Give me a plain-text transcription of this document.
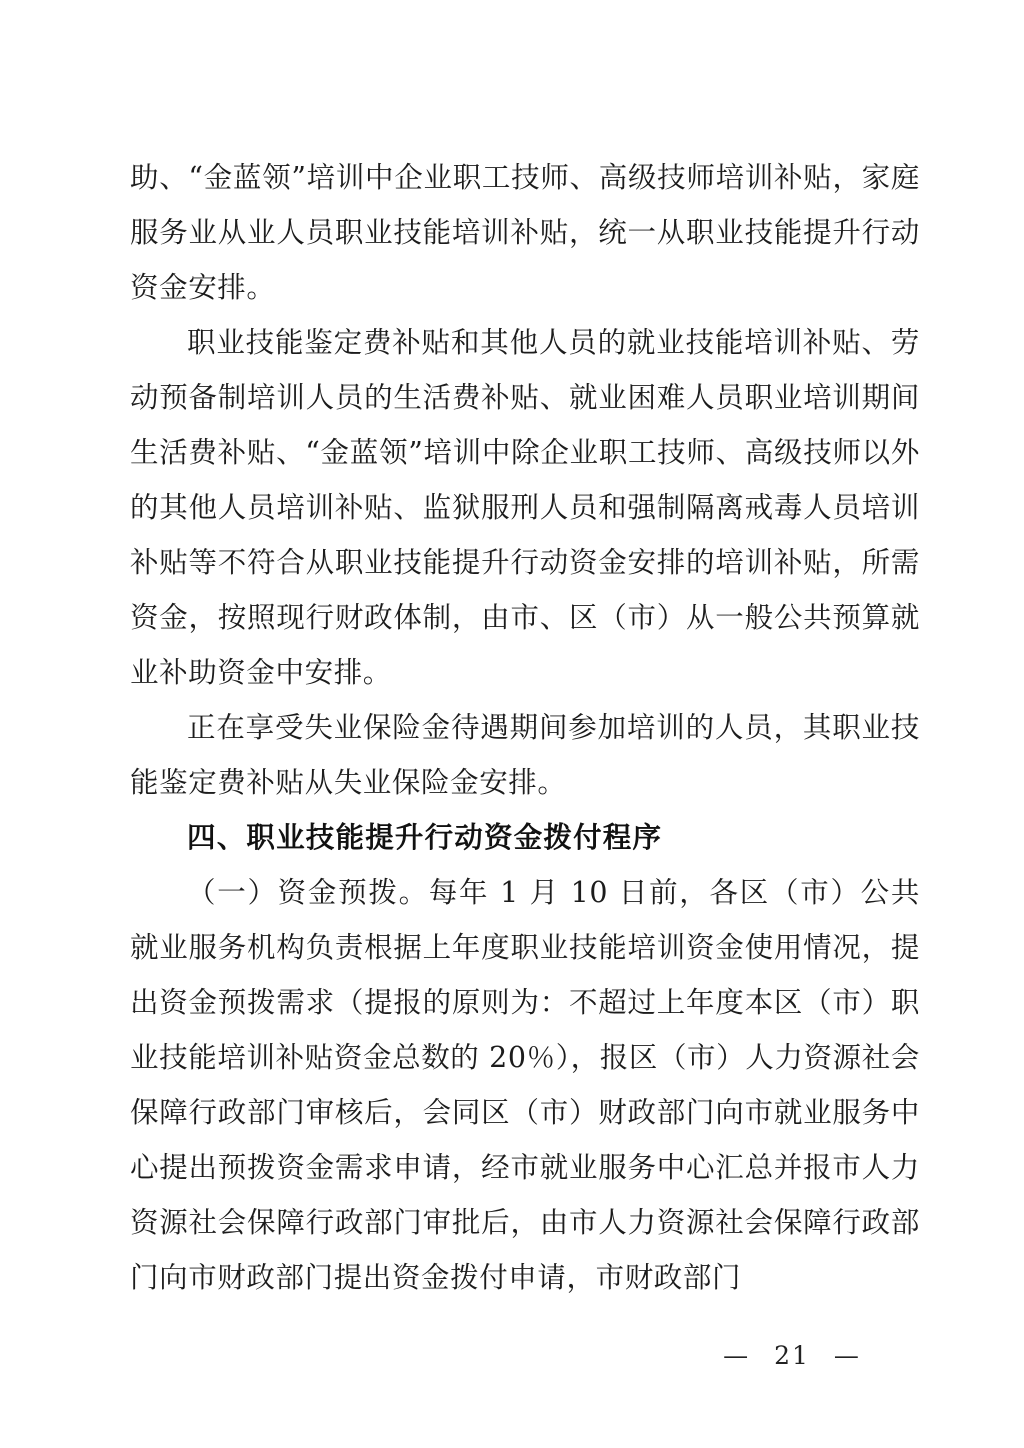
助、“金蓝领”培训中企业职工技师、高级技师培训补贴，家庭服务业从业人员职业技能培训补贴，统一从职业技能提升行动资金安排。

职业技能鉴定费补贴和其他人员的就业技能培训补贴、劳动预备制培训人员的生活费补贴、就业困难人员职业培训期间生活费补贴、“金蓝领”培训中除企业职工技师、高级技师以外的其他人员培训补贴、监狱服刑人员和强制隔离戒毒人员培训补贴等不符合从职业技能提升行动资金安排的培训补贴，所需资金，按照现行财政体制，由市、区（市）从一般公共预算就业补助资金中安排。

正在享受失业保险金待遇期间参加培训的人员，其职业技能鉴定费补贴从失业保险金安排。

四、职业技能提升行动资金拨付程序

（一）资金预拨。每年 1 月 10 日前，各区（市）公共就业服务机构负责根据上年度职业技能培训资金使用情况，提出资金预拨需求（提报的原则为：不超过上年度本区（市）职业技能培训补贴资金总数的 20％），报区（市）人力资源社会保障行政部门审核后，会同区（市）财政部门向市就业服务中心提出预拨资金需求申请，经市就业服务中心汇总并报市人力资源社会保障行政部门审批后，由市人力资源社会保障行政部门向市财政部门提出资金拨付申请，市财政部门

— 21 —
